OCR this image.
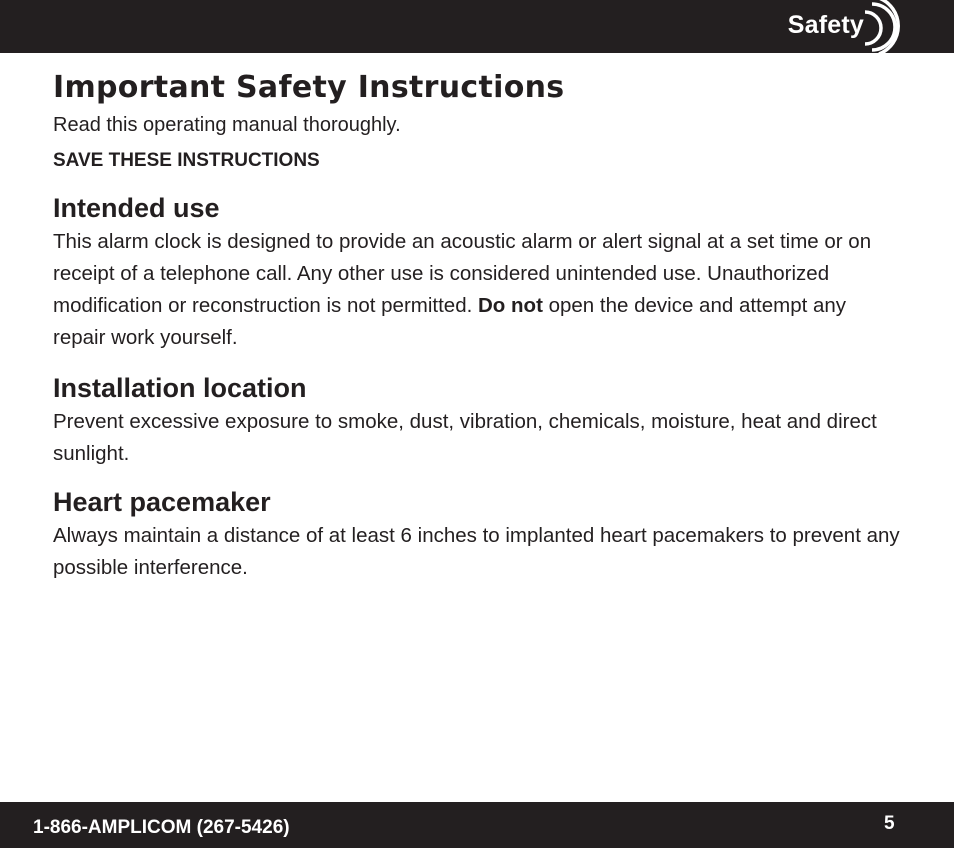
Safety
Important Safety Instructions

Read this operating manual thoroughly.

SAVE THESE INSTRUCTIONS

Intended use

This alarm clock is designed to provide an acoustic alarm or alert signal at a set time or on receipt of a telephone call. Any other use is considered unintended use. Unauthorized modification or reconstruction is not permitted. Do not open the device and attempt any repair work yourself.

Installation location

Prevent excessive exposure to smoke, dust, vibration, chemicals, moisture, heat and direct sunlight.

Heart pacemaker

Always maintain a distance of at least 6 inches to implanted heart pacemakers to prevent any possible interference.

1-866-AMPLICOM (267-5426)	5
